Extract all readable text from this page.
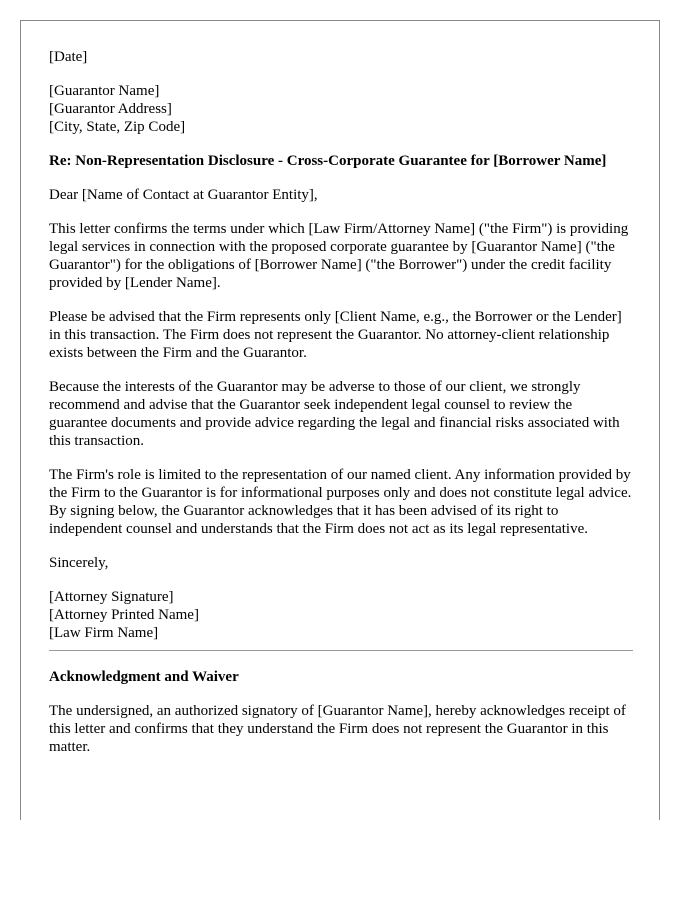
[Date]

[Guarantor Name]
[Guarantor Address]
[City, State, Zip Code]

Re: Non-Representation Disclosure - Cross-Corporate Guarantee for [Borrower Name]

Dear [Name of Contact at Guarantor Entity],

This letter confirms the terms under which [Law Firm/Attorney Name] ("the Firm") is providing legal services in connection with the proposed corporate guarantee by [Guarantor Name] ("the Guarantor") for the obligations of [Borrower Name] ("the Borrower") under the credit facility provided by [Lender Name].

Please be advised that the Firm represents only [Client Name, e.g., the Borrower or the Lender] in this transaction. The Firm does not represent the Guarantor. No attorney-client relationship exists between the Firm and the Guarantor.

Because the interests of the Guarantor may be adverse to those of our client, we strongly recommend and advise that the Guarantor seek independent legal counsel to review the guarantee documents and provide advice regarding the legal and financial risks associated with this transaction.

The Firm's role is limited to the representation of our named client. Any information provided by the Firm to the Guarantor is for informational purposes only and does not constitute legal advice. By signing below, the Guarantor acknowledges that it has been advised of its right to independent counsel and understands that the Firm does not act as its legal representative.

Sincerely,

[Attorney Signature]
[Attorney Printed Name]
[Law Firm Name]

Acknowledgment and Waiver

The undersigned, an authorized signatory of [Guarantor Name], hereby acknowledges receipt of this letter and confirms that they understand the Firm does not represent the Guarantor in this matter.
